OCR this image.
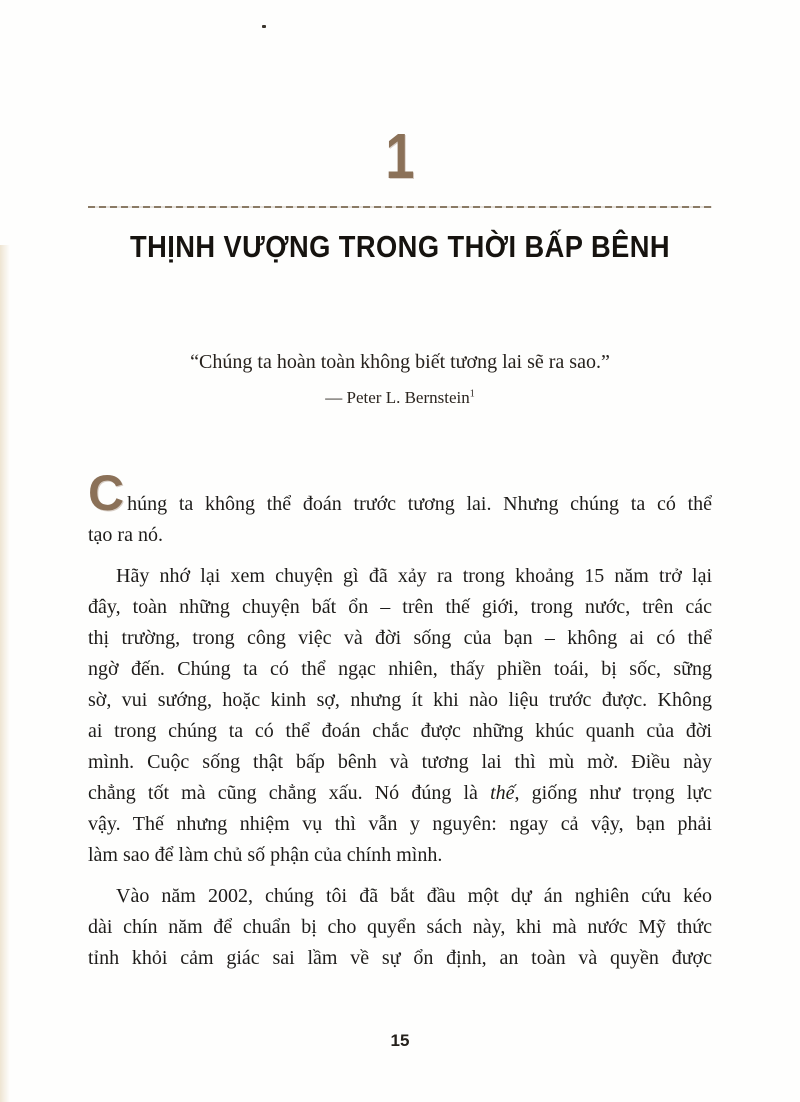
1
THỊNH VƯỢNG TRONG THỜI BẤP BÊNH
“Chúng ta hoàn toàn không biết tương lai sẽ ra sao.”
— Peter L. Bernstein$^1$
Chúng ta không thể đoán trước tương lai. Nhưng chúng ta có thể
tạo ra nó.
Hãy nhớ lại xem chuyện gì đã xảy ra trong khoảng 15 năm trở lại
đây, toàn những chuyện bất ổn – trên thế giới, trong nước, trên các
thị trường, trong công việc và đời sống của bạn – không ai có thể
ngờ đến. Chúng ta có thể ngạc nhiên, thấy phiền toái, bị sốc, sững
sờ, vui sướng, hoặc kinh sợ, nhưng ít khi nào liệu trước được. Không
ai trong chúng ta có thể đoán chắc được những khúc quanh của đời
mình. Cuộc sống thật bấp bênh và tương lai thì mù mờ. Điều này
chẳng tốt mà cũng chẳng xấu. Nó đúng là thế, giống như trọng lực
vậy. Thế nhưng nhiệm vụ thì vẫn y nguyên: ngay cả vậy, bạn phải
làm sao để làm chủ số phận của chính mình.
Vào năm 2002, chúng tôi đã bắt đầu một dự án nghiên cứu kéo
dài chín năm để chuẩn bị cho quyển sách này, khi mà nước Mỹ thức
tỉnh khỏi cảm giác sai lầm về sự ổn định, an toàn và quyền được
15
